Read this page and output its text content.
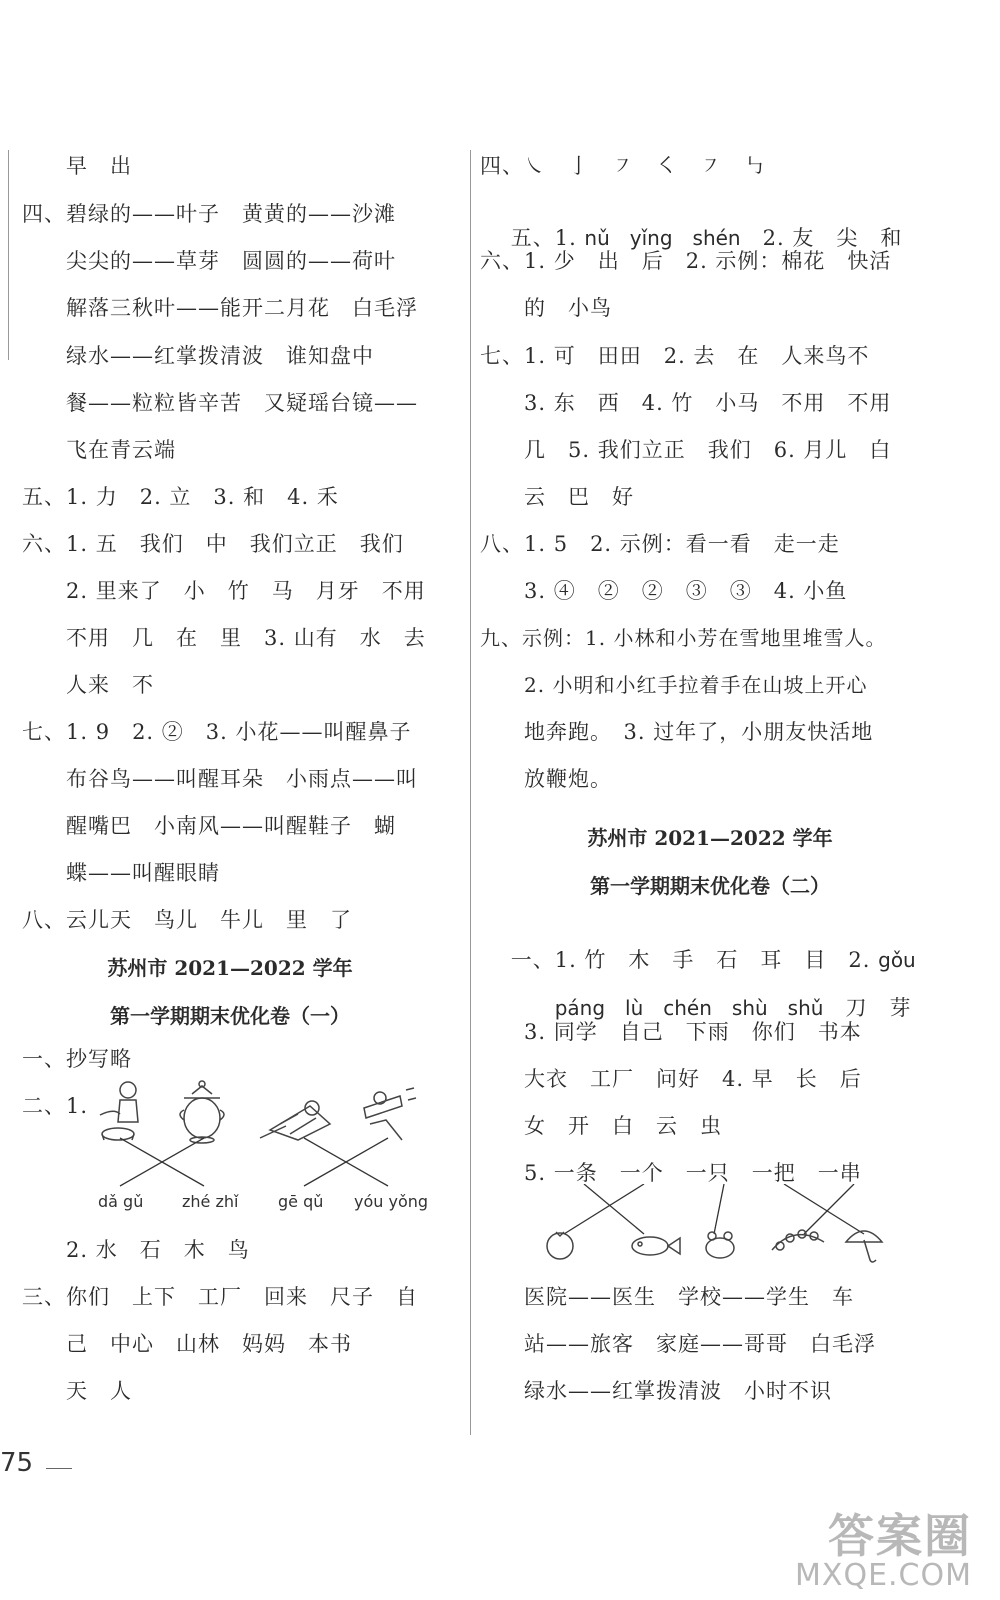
早　出
四、碧绿的——叶子　黄黄的——沙滩
尖尖的——草芽　圆圆的——荷叶
解落三秋叶——能开二月花　白毛浮
绿水——红掌拨清波　谁知盘中
餐——粒粒皆辛苦　又疑瑶台镜——
飞在青云端
五、1. 力　2. 立　3. 和　4. 禾
六、1. 五　我们　中　我们立正　我们
2. 里来了　小　竹　马　月牙　不用
不用　几　在　里　3. 山有　水　去
人来　不
七、1. 9　2. ②　3. 小花——叫醒鼻子
布谷鸟——叫醒耳朵　小雨点——叫
醒嘴巴　小南风——叫醒鞋子　蝴
蝶——叫醒眼睛
八、云儿天　鸟儿　牛儿　里　了
苏州市 2021—2022 学年
第一学期期末优化卷（一）
一、抄写略
二、1.
dǎ gǔ zhé zhǐ gē qǔ yóu yǒng
2. 水　石　木　鸟
三、你们　上下　工厂　回来　尺子　自
己　中心　山林　妈妈　本书
天　人
四、㇏　亅　㇇　㇛　㇇　㇉

五、1. nǔ　yǐng　shén　2. 友　尖　和

六、1. 少　出　后　2. 示例：棉花　快活
的　小鸟
七、1. 可　田田　2. 去　在　人来鸟不
3. 东　西　4. 竹　小马　不用　不用
几　5. 我们立正　我们　6. 月儿　白
云　巴　好
八、1. 5　2. 示例：看一看　走一走
3. ④　②　②　③　③　4. 小鱼
九、示例：1. 小林和小芳在雪地里堆雪人。
2. 小明和小红手拉着手在山坡上开心
地奔跑。　3. 过年了，小朋友快活地
放鞭炮。
苏州市 2021—2022 学年
第一学期期末优化卷（二）

一、1. 竹　木　手　石　耳　目　2. gǒu

páng　lù　chén　shù　shǔ　刀　芽

3. 同学　自己　下雨　你们　书本
大衣　工厂　问好　4. 早　长　后
女　开　白　云　虫
5. 一条　一个　一只　一把　一串
医院——医生　学校——学生　车
站——旅客　家庭——哥哥　白毛浮
绿水——红掌拨清波　小时不识
75
答案圈
MXQE.COM
